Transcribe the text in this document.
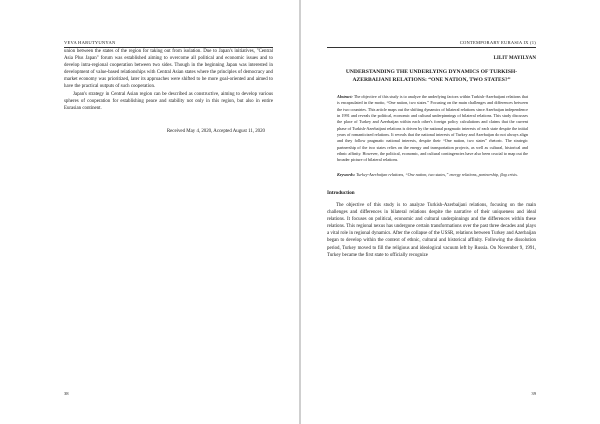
VEVA HARUTYUNYAN

union between the states of the region for taking out from isolation. Due to Japan's initiatives, "Central Asia Plus Japan" forum was established aiming to overcome all political and economic issues and to develop intra-regional cooperation between two sides. Though in the beginning Japan was interested in development of value-based relationships with Central Asian states where the principles of democracy and market economy was prioritized, later its approaches were shifted to be more goal-oriented and aimed to have the practical outputs of such cooperation.

Japan's strategy in Central Asian region can be described as constructive, aiming to develop various spheres of cooperation for establishing peace and stability not only in this region, but also in entire Eurasian continent.

Received May 4, 2020, Accepted August 11, 2020

38
CONTEMPORARY EURASIA IX (1)
LILIT MAYILYAN
UNDERSTANDING THE UNDERLYING DYNAMICS OF TURKISH-AZERBAIJANI RELATIONS: “ONE NATION, TWO STATES?”
Abstract: The objective of this study is to analyze the underlying factors within Turkish-Azerbaijani relations that is encapsulated in the motto, “One nation, two states.” Focusing on the main challenges and differences between the two countries. This article maps out the shifting dynamics of bilateral relations since Azerbaijan independence in 1991 and reveals the political, economic and cultural underpinnings of bilateral relations. This study discusses the place of Turkey and Azerbaijan within each other's foreign policy calculations and claims that the current phase of Turkish-Azerbaijani relations is driven by the national pragmatic interests of each state despite the initial years of romanticized relations. It reveals that the national interests of Turkey and Azerbaijan do not always align and they follow pragmatic national interests, despite their “One nation, two states” rhetoric. The strategic partnership of the two states relies on the energy and transportation projects, as well as cultural, historical and ethnic affinity. However, the political, economic, and cultural contingencies have also been crucial to map out the broader picture of bilateral relations.
Keywords: Turkey-Azerbaijan relations, “One nation, two states,” energy relations, partnership, flag crisis.
Introduction

The objective of this study is to analyze Turkish-Azerbaijani relations, focusing on the main challenges and differences in bilateral relations despite the narrative of their uniqueness and ideal relations. It focuses on political, economic and cultural underpinnings and the differences within these relations. This regional nexus has undergone certain transformations over the past three decades and plays a vital role in regional dynamics. After the collapse of the USSR, relations between Turkey and Azerbaijan began to develop within the context of ethnic, cultural and historical affinity. Following the dissolution period, Turkey moved to fill the religious and ideological vacuum left by Russia. On November 9, 1991, Turkey became the first state to officially recognize

39
